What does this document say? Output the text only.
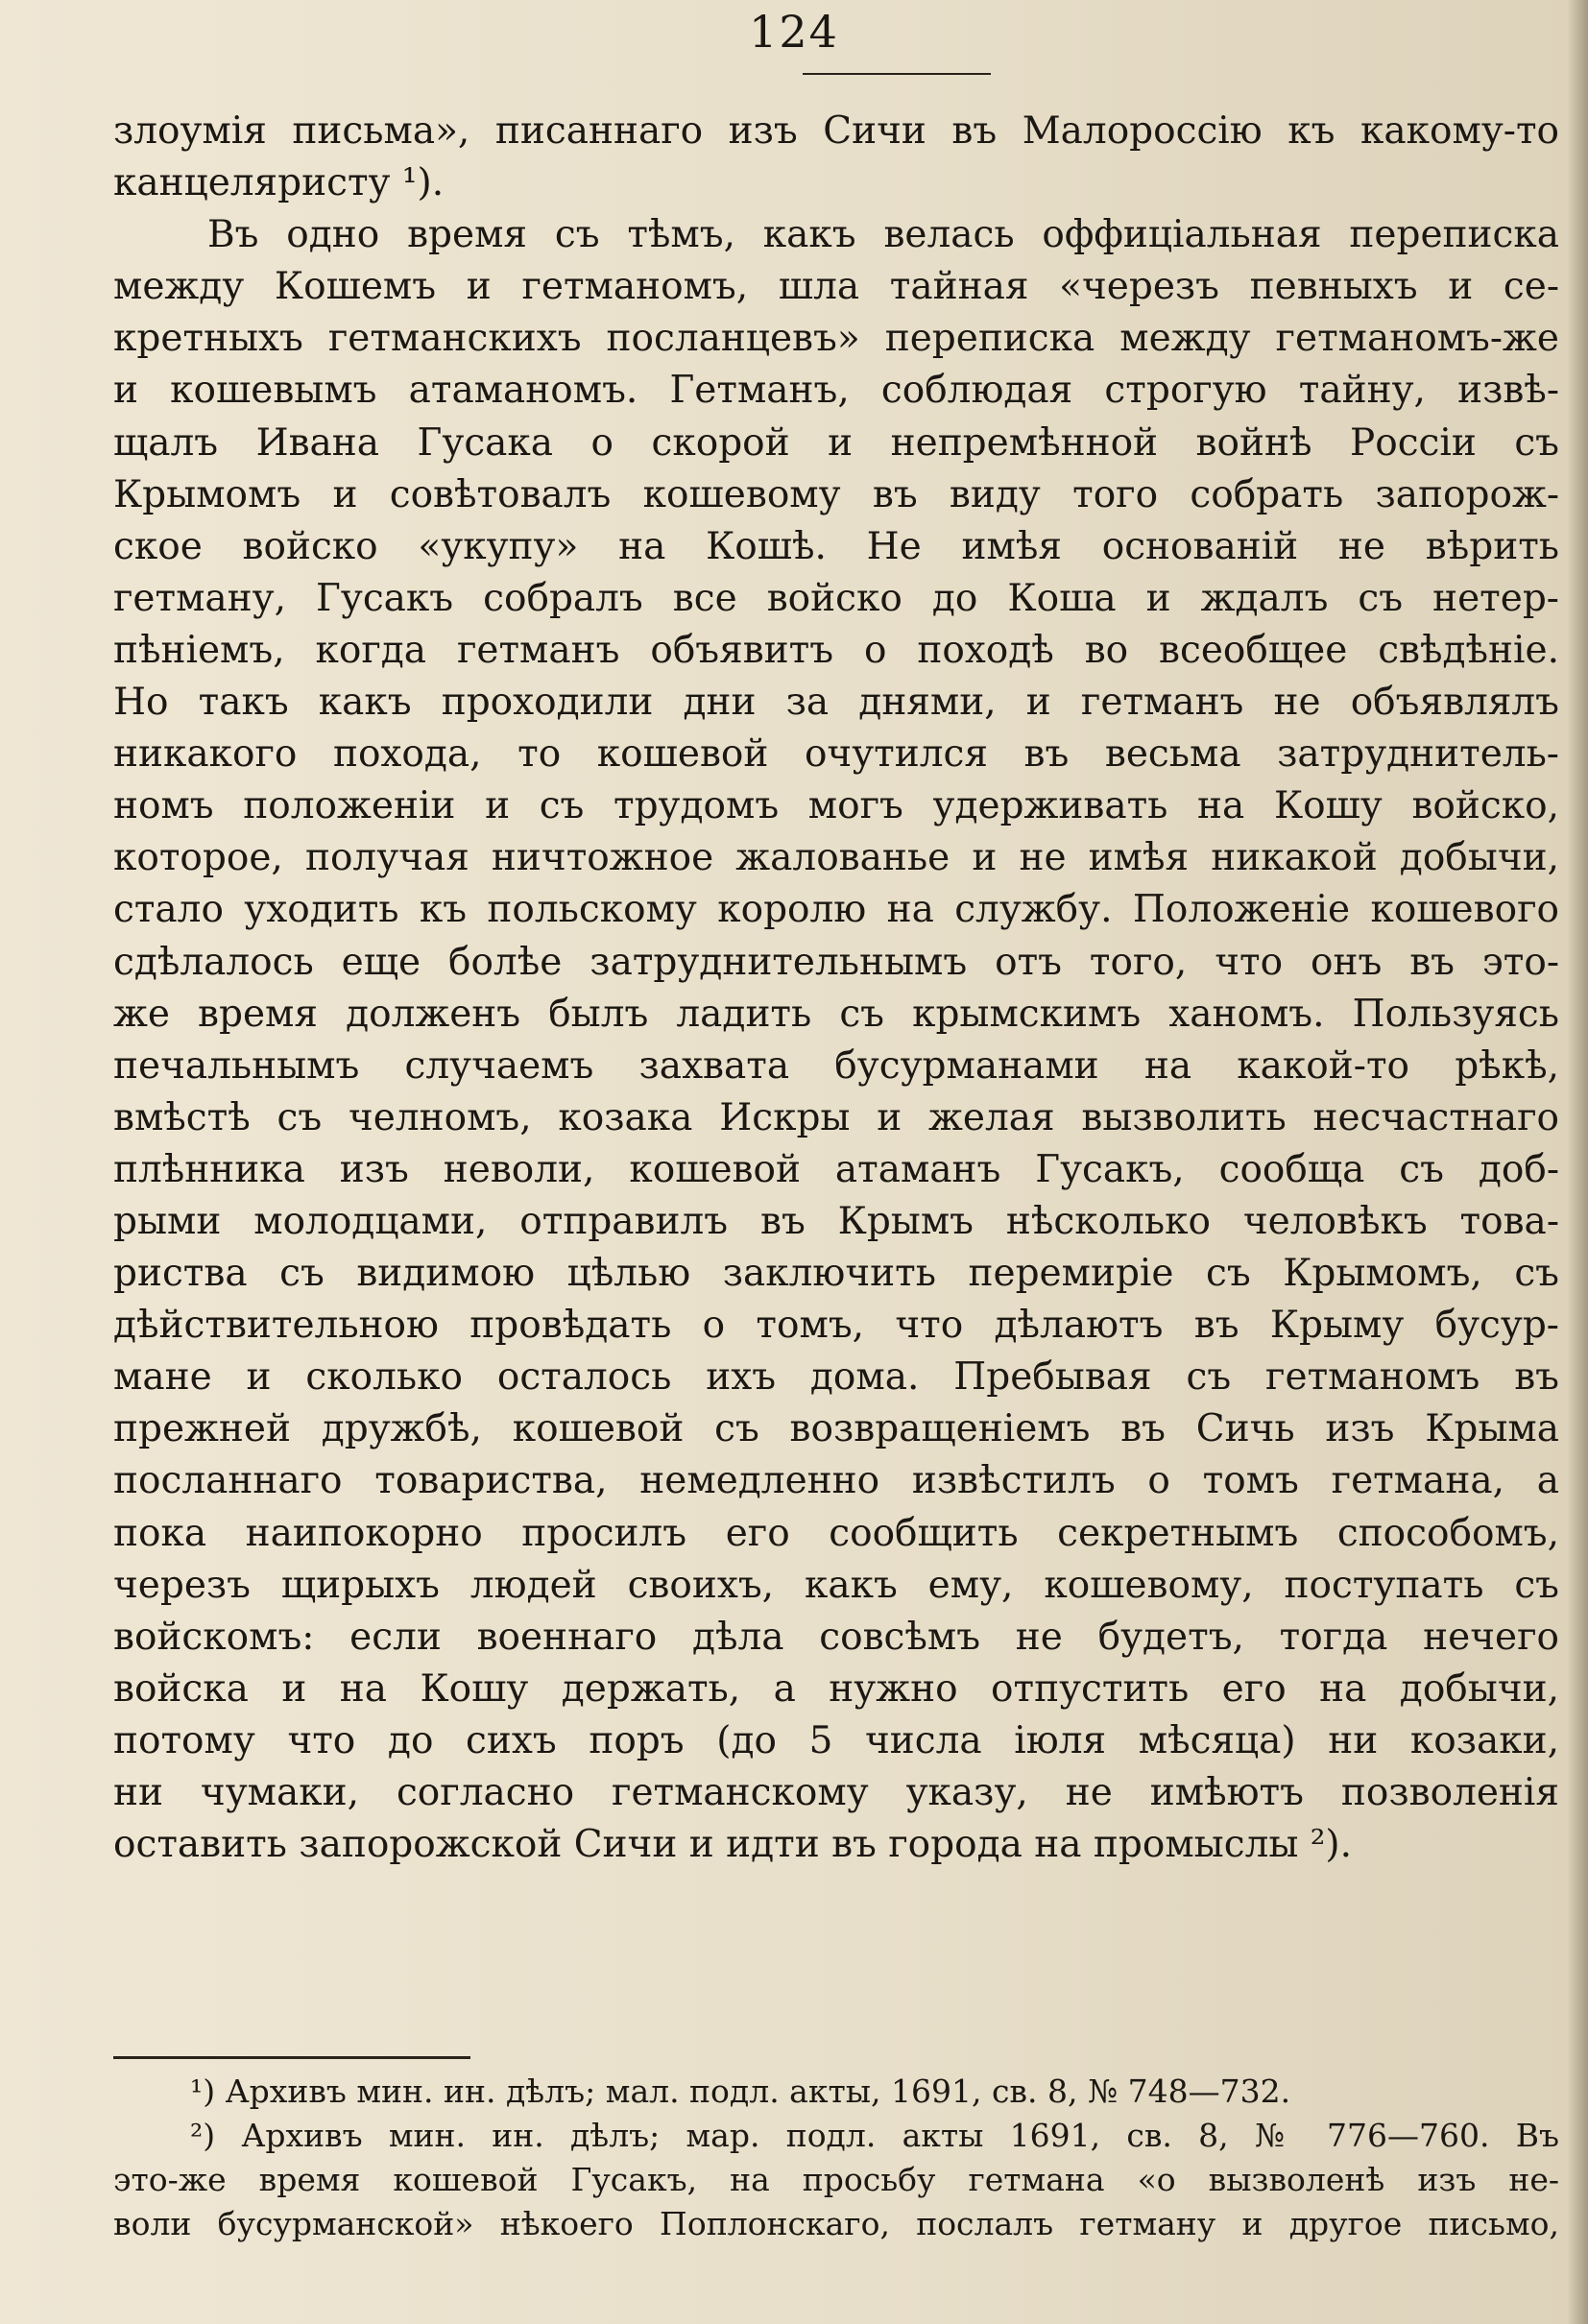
124
злоумія письма», писаннаго изъ Сичи въ Малороссію къ какому-то
канцеляристу ¹).
Въ одно время съ тѣмъ, какъ велась оффиціальная переписка
между Кошемъ и гетманомъ, шла тайная «черезъ певныхъ и се-
кретныхъ гетманскихъ посланцевъ» переписка между гетманомъ-же
и кошевымъ атаманомъ. Гетманъ, соблюдая строгую тайну, извѣ-
щалъ Ивана Гусака о скорой и непремѣнной войнѣ Россіи съ
Крымомъ и совѣтовалъ кошевому въ виду того собрать запорож-
ское войско «укупу» на Кошѣ. Не имѣя основаній не вѣрить
гетману, Гусакъ собралъ все войско до Коша и ждалъ съ нетер-
пѣніемъ, когда гетманъ объявитъ о походѣ во всеобщее свѣдѣніе.
Но такъ какъ проходили дни за днями, и гетманъ не объявлялъ
никакого похода, то кошевой очутился въ весьма затруднитель-
номъ положеніи и съ трудомъ могъ удерживать на Кошу войско,
которое, получая ничтожное жалованье и не имѣя никакой добычи,
стало уходить къ польскому королю на службу. Положеніе кошевого
сдѣлалось еще болѣе затруднительнымъ отъ того, что онъ въ это-
же время долженъ былъ ладить съ крымскимъ ханомъ. Пользуясь
печальнымъ случаемъ захвата бусурманами на какой-то рѣкѣ,
вмѣстѣ съ челномъ, козака Искры и желая вызволить несчастнаго
плѣнника изъ неволи, кошевой атаманъ Гусакъ, сообща съ доб-
рыми молодцами, отправилъ въ Крымъ нѣсколько человѣкъ това-
риства съ видимою цѣлью заключить перемиріе съ Крымомъ, съ
дѣйствительною провѣдать о томъ, что дѣлаютъ въ Крыму бусур-
мане и сколько осталось ихъ дома. Пребывая съ гетманомъ въ
прежней дружбѣ, кошевой съ возвращеніемъ въ Сичь изъ Крыма
посланнаго товариства, немедленно извѣстилъ о томъ гетмана, а
пока наипокорно просилъ его сообщить секретнымъ способомъ,
черезъ щирыхъ людей своихъ, какъ ему, кошевому, поступать съ
войскомъ: если военнаго дѣла совсѣмъ не будетъ, тогда нечего
войска и на Кошу держать, а нужно отпустить его на добычи,
потому что до сихъ поръ (до 5 числа іюля мѣсяца) ни козаки,
ни чумаки, согласно гетманскому указу, не имѣютъ позволенія
оставить запорожской Сичи и идти въ города на промыслы ²).
¹) Архивъ мин. ин. дѣлъ; мал. подл. акты, 1691, св. 8, № 748—732.
²) Архивъ мин. ин. дѣлъ; мар. подл. акты 1691, св. 8, № 776—760. Въ
это-же время кошевой Гусакъ, на просьбу гетмана «о вызволенѣ изъ не-
воли бусурманской» нѣкоего Поплонскаго, послалъ гетману и другое письмо,
